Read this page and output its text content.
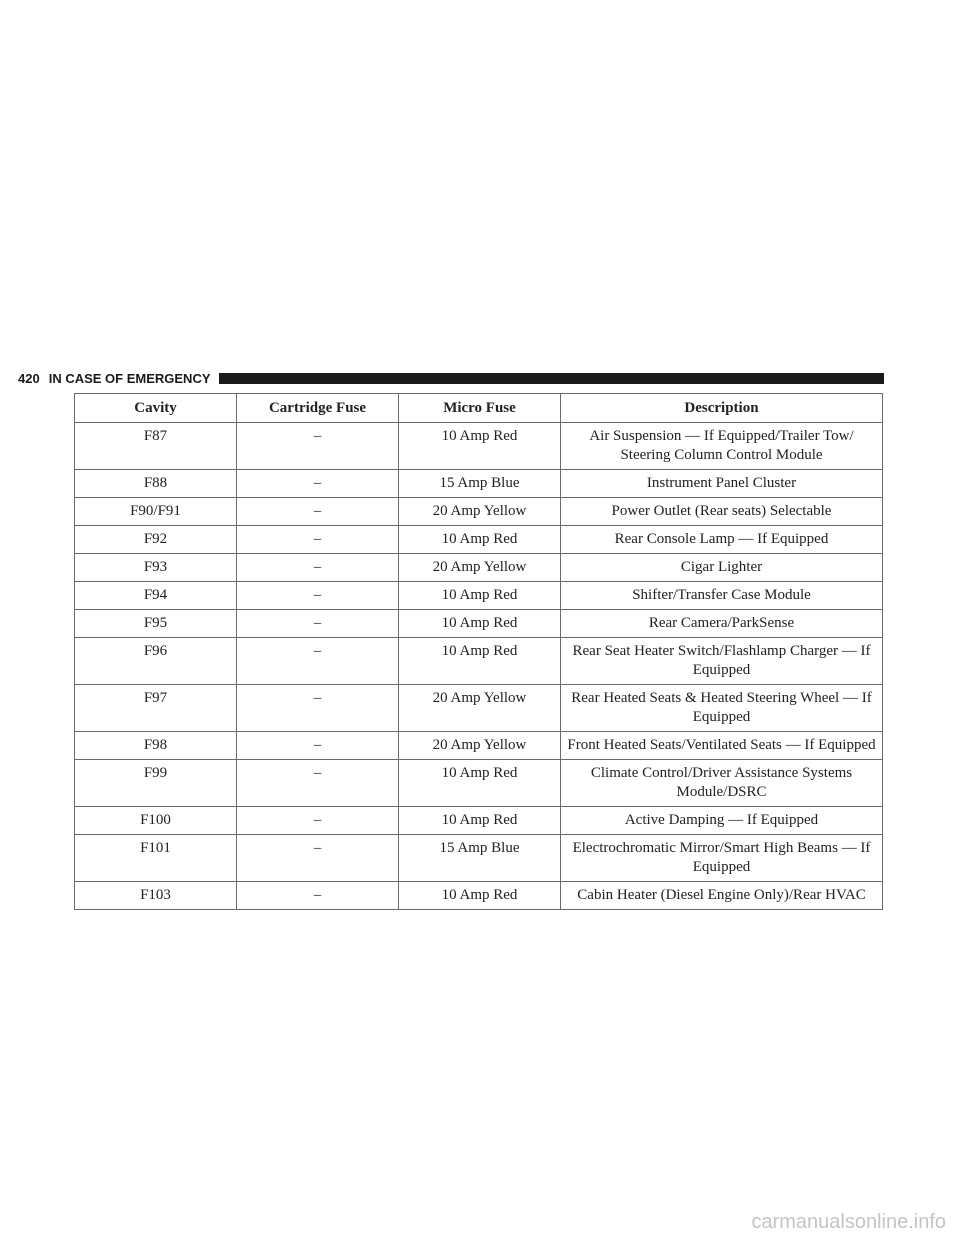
420 IN CASE OF EMERGENCY
Cavity	Cartridge Fuse	Micro Fuse	Description
F87	–	10 Amp Red	Air Suspension — If Equipped/Trailer Tow/ Steering Column Control Module
F88	–	15 Amp Blue	Instrument Panel Cluster
F90/F91	–	20 Amp Yellow	Power Outlet (Rear seats) Selectable
F92	–	10 Amp Red	Rear Console Lamp — If Equipped
F93	–	20 Amp Yellow	Cigar Lighter
F94	–	10 Amp Red	Shifter/Transfer Case Module
F95	–	10 Amp Red	Rear Camera/ParkSense
F96	–	10 Amp Red	Rear Seat Heater Switch/Flashlamp Charger — If Equipped
F97	–	20 Amp Yellow	Rear Heated Seats & Heated Steering Wheel — If Equipped
F98	–	20 Amp Yellow	Front Heated Seats/Ventilated Seats — If Equipped
F99	–	10 Amp Red	Climate Control/Driver Assistance Systems Module/DSRC
F100	–	10 Amp Red	Active Damping — If Equipped
F101	–	15 Amp Blue	Electrochromatic Mirror/Smart High Beams — If Equipped
F103	–	10 Amp Red	Cabin Heater (Diesel Engine Only)/Rear HVAC
carmanualsonline.info
